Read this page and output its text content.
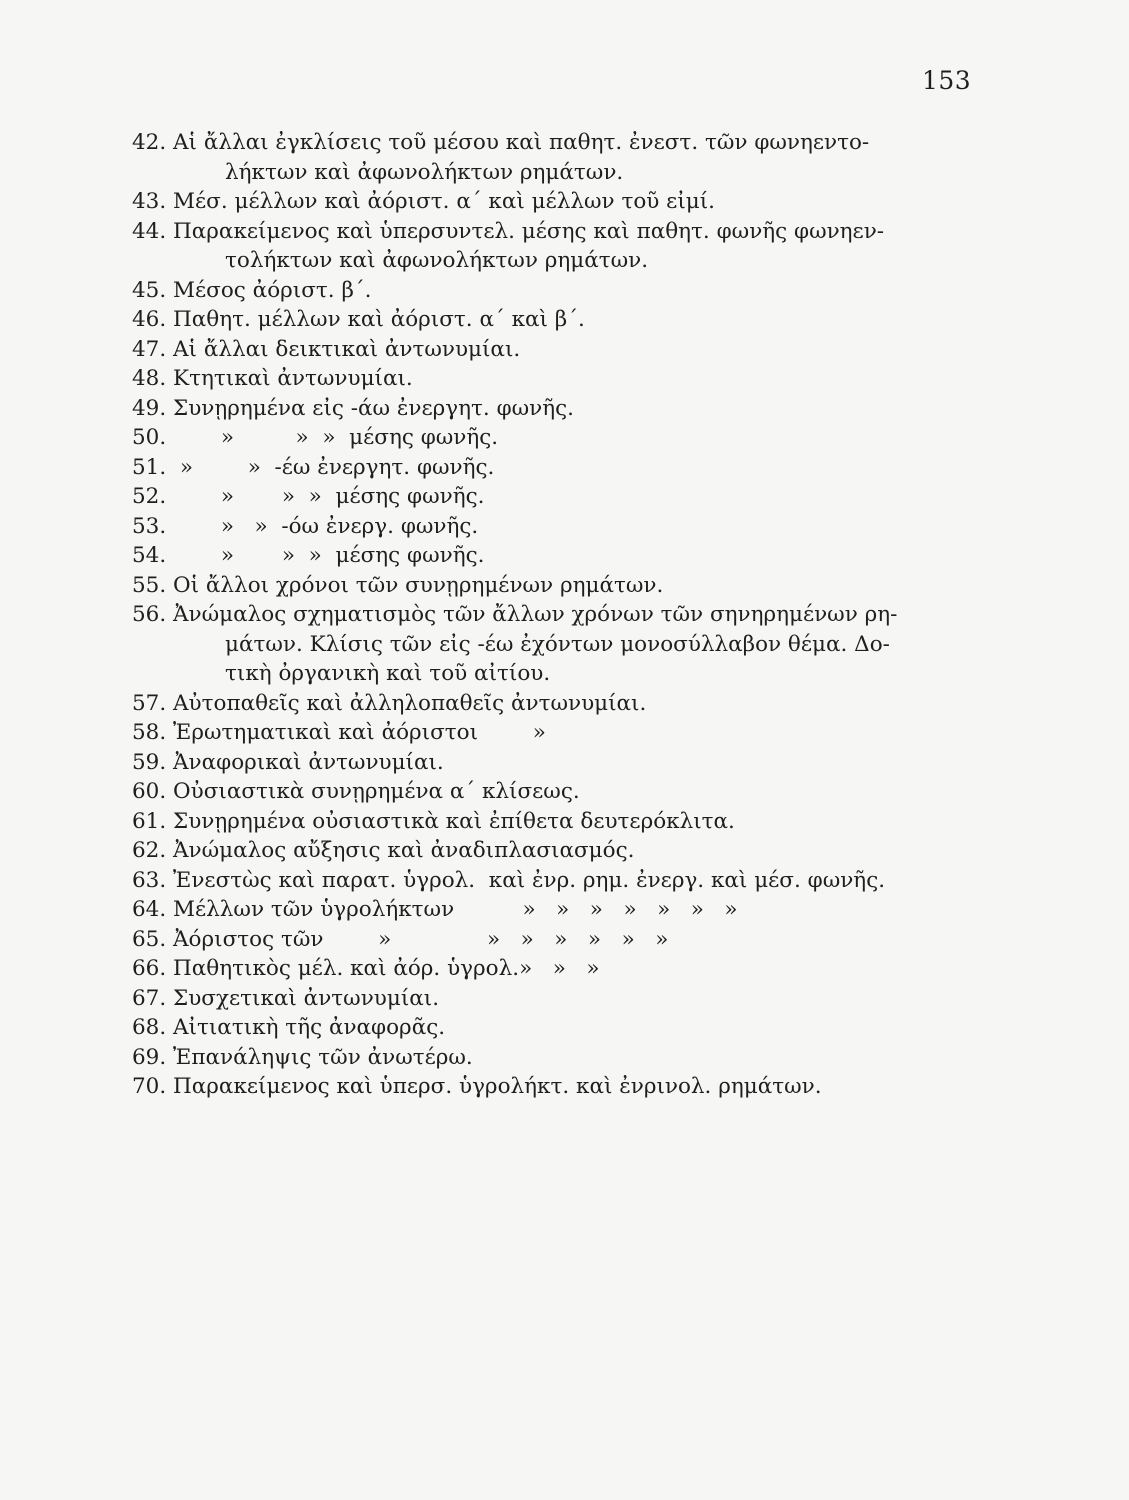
153
42. Αἱ ἄλλαι ἐγκλίσεις τοῦ μέσου καὶ παθητ. ἐνεστ. τῶν φωνηεντο-
λήκτων καὶ ἀφωνολήκτων ρημάτων.
43. Μέσ. μέλλων καὶ ἀόριστ. α΄ καὶ μέλλων τοῦ εἰμί.
44. Παρακείμενος καὶ ὑπερσυντελ. μέσης καὶ παθητ. φωνῆς φωνηεν-
τολήκτων καὶ ἀφωνολήκτων ρημάτων.
45. Μέσος ἀόριστ. β΄.
46. Παθητ. μέλλων καὶ ἀόριστ. α΄ καὶ β΄.
47. Αἱ ἄλλαι δεικτικαὶ ἀντωνυμίαι.
48. Κτητικαὶ ἀντωνυμίαι.
49. Συνῃρημένα εἰς -άω ἐνεργητ. φωνῆς.
50.        »         »  »  μέσης φωνῆς.
51.  »        »  -έω ἐνεργητ. φωνῆς.
52.        »       »  »  μέσης φωνῆς.
53.        »   »  -όω ἐνεργ. φωνῆς.
54.        »       »  »  μέσης φωνῆς.
55. Οἱ ἄλλοι χρόνοι τῶν συνῃρημένων ρημάτων.
56. Ἀνώμαλος σχηματισμὸς τῶν ἄλλων χρόνων τῶν σηνηρημένων ρη-
μάτων. Κλίσις τῶν εἰς -έω ἐχόντων μονοσύλλαβον θέμα. Δο-
τικὴ ὀργανικὴ καὶ τοῦ αἰτίου.
57. Αὐτοπαθεῖς καὶ ἀλληλοπαθεῖς ἀντωνυμίαι.
58. Ἐρωτηματικαὶ καὶ ἀόριστοι        »
59. Ἀναφορικαὶ ἀντωνυμίαι.
60. Οὐσιαστικὰ συνῃρημένα α΄ κλίσεως.
61. Συνῃρημένα οὐσιαστικὰ καὶ ἐπίθετα δευτερόκλιτα.
62. Ἀνώμαλος αὔξησις καὶ ἀναδιπλασιασμός.
63. Ἐνεστὼς καὶ παρατ. ὑγρολ.  καὶ ἐνρ. ρημ. ἐνεργ. καὶ μέσ. φωνῆς.
64. Μέλλων τῶν ὑγρολήκτων          »   »   »   »   »   »   »
65. Ἀόριστος τῶν        »              »   »   »   »   »   »
66. Παθητικὸς μέλ. καὶ ἀόρ. ὑγρολ.»   »   »
67. Συσχετικαὶ ἀντωνυμίαι.
68. Αἰτιατικὴ τῆς ἀναφορᾶς.
69. Ἐπανάληψις τῶν ἀνωτέρω.
70. Παρακείμενος καὶ ὑπερσ. ὑγρολήκτ. καὶ ἐνρινολ. ρημάτων.
